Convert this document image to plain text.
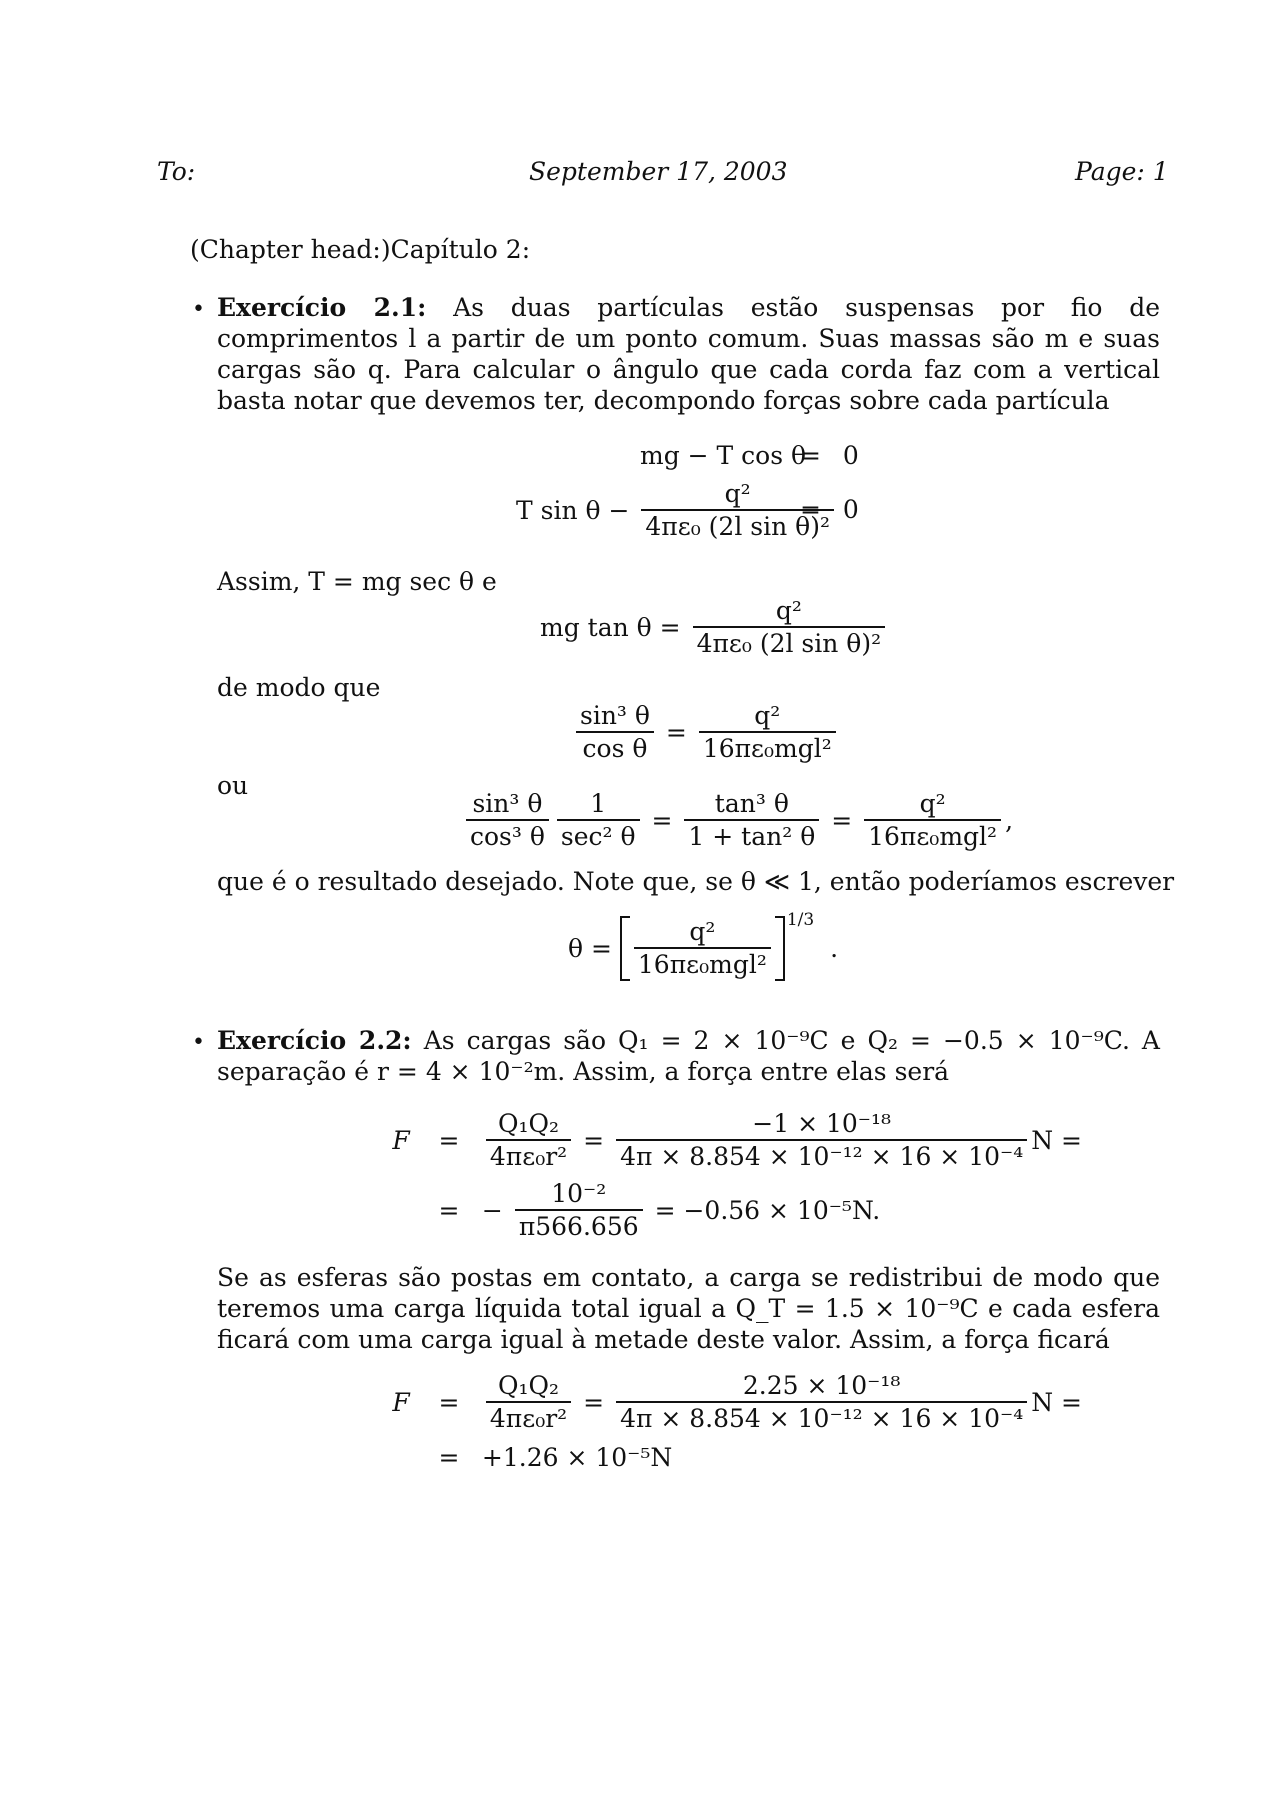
To:	September 17, 2003	Page: 1
(Chapter head:)Capítulo 2:
• Exercício 2.1: As duas partículas estão suspensas por fio de comprimentos l a partir de um ponto comum. Suas massas são m e suas cargas são q. Para calcular o ângulo que cada corda faz com a vertical basta notar que devemos ter, decompondo forças sobre cada partícula
mg − T cos θ
= 0
T $\sin \theta - \frac{\text{q²}}{\text{4πε₀ (2l sin θ)²}}$
= 0
Assim, T = mg sec θ e
mg $\tan \theta = \frac{\text{q²}}{\text{4πε₀ (2l sin θ)²}}$
de modo que
$\frac{\text{sin³ θ}}{\text{cos θ}} = \frac{\text{q²}}{\text{16πε₀mgl²}}$
ou
$\frac{\text{sin³ θ}}{\text{cos³ θ}} \frac{1}{\text{sec² θ}} = \frac{\text{tan³ θ}}{\text{1 + tan² θ}} = \frac{\text{q²}}{\text{16πε₀mgl²}}$ ,
que é o resultado desejado. Note que, se θ ≪ 1, então poderíamos escrever
$\theta = \frac{\text{q²}}{\text{16πε₀mgl²}} 1/3$ .
• Exercício 2.2: As cargas são Q₁ = 2 × 10⁻⁹C e Q₂ = −0.5 × 10⁻⁹C. A separação é r = 4 × 10⁻²m. Assim, a força entre elas será
$F = \frac{\text{Q₁Q₂}}{\text{4πε₀r²}} = \frac{\text{−1 × 10⁻¹⁸}}{\text{4π × 8.854 × 10⁻¹² × 16 × 10⁻⁴}}$ N =
= − $\frac{\text{10⁻²}}{\pi 566.656} = -0.56 \times 10^{-5}N$.
Se as esferas são postas em contato, a carga se redistribui de modo que teremos uma carga líquida total igual a Q_T = 1.5 × 10⁻⁹C e cada esfera ficará com uma carga igual à metade deste valor. Assim, a força ficará
$F = \frac{\text{Q₁Q₂}}{\text{4πε₀r²}} = \frac{\text{2.25 × 10⁻¹⁸}}{\text{4π × 8.854 × 10⁻¹² × 16 × 10⁻⁴}}$ N =
= +1.26 × 10⁻⁵N
